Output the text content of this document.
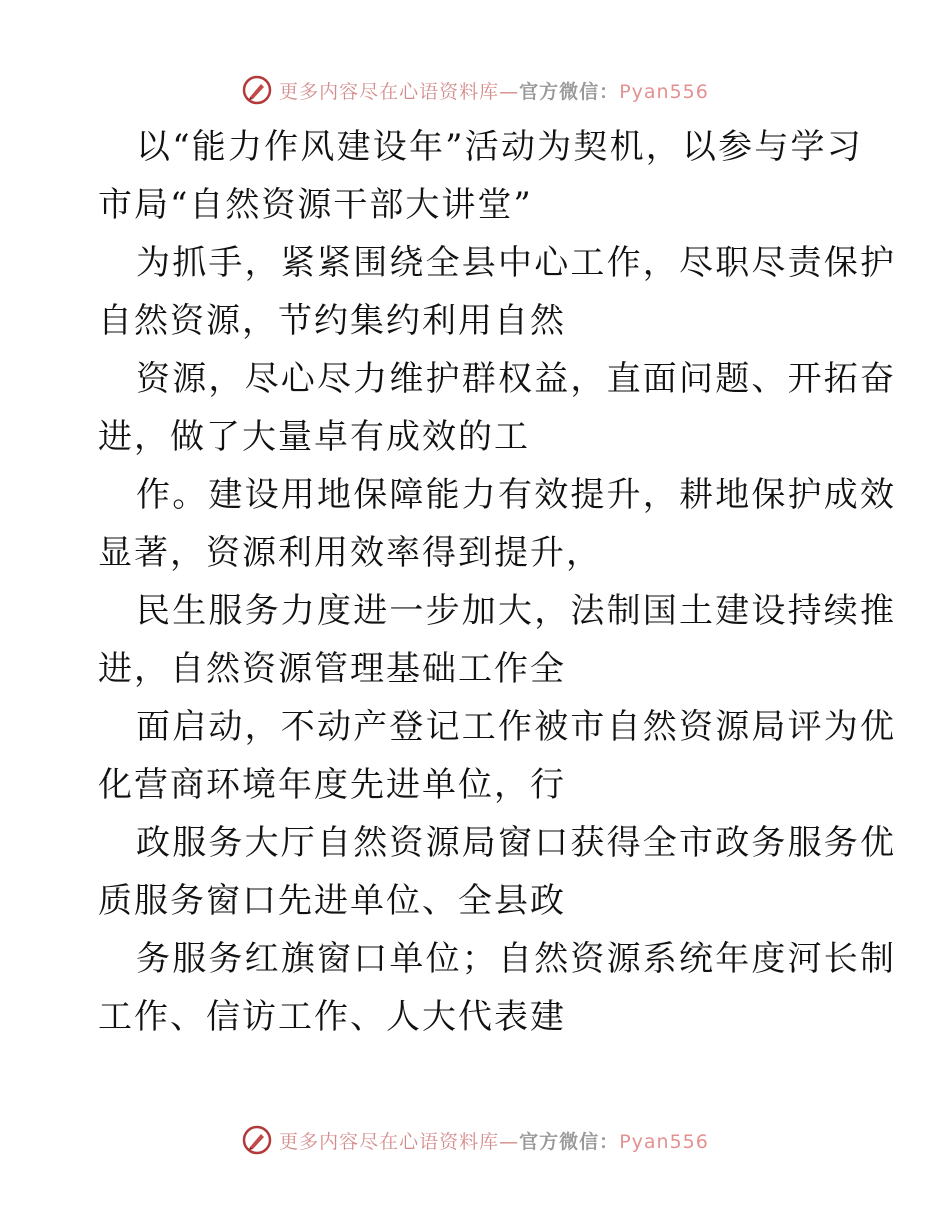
更多内容尽在心语资料库—官方微信：Pyan556

以“能力作风建设年”活动为契机，以参与学习
市局“自然资源干部大讲堂”

为抓手，紧紧围绕全县中心工作，尽职尽责保护
自然资源，节约集约利用自然

资源，尽心尽力维护群权益，直面问题、开拓奋
进，做了大量卓有成效的工

作。建设用地保障能力有效提升，耕地保护成效
显著，资源利用效率得到提升，

民生服务力度进一步加大，法制国土建设持续推
进，自然资源管理基础工作全

面启动，不动产登记工作被市自然资源局评为优
化营商环境年度先进单位，行

政服务大厅自然资源局窗口获得全市政务服务优
质服务窗口先进单位、全县政

务服务红旗窗口单位；自然资源系统年度河长制
工作、信访工作、人大代表建

更多内容尽在心语资料库—官方微信：Pyan556
